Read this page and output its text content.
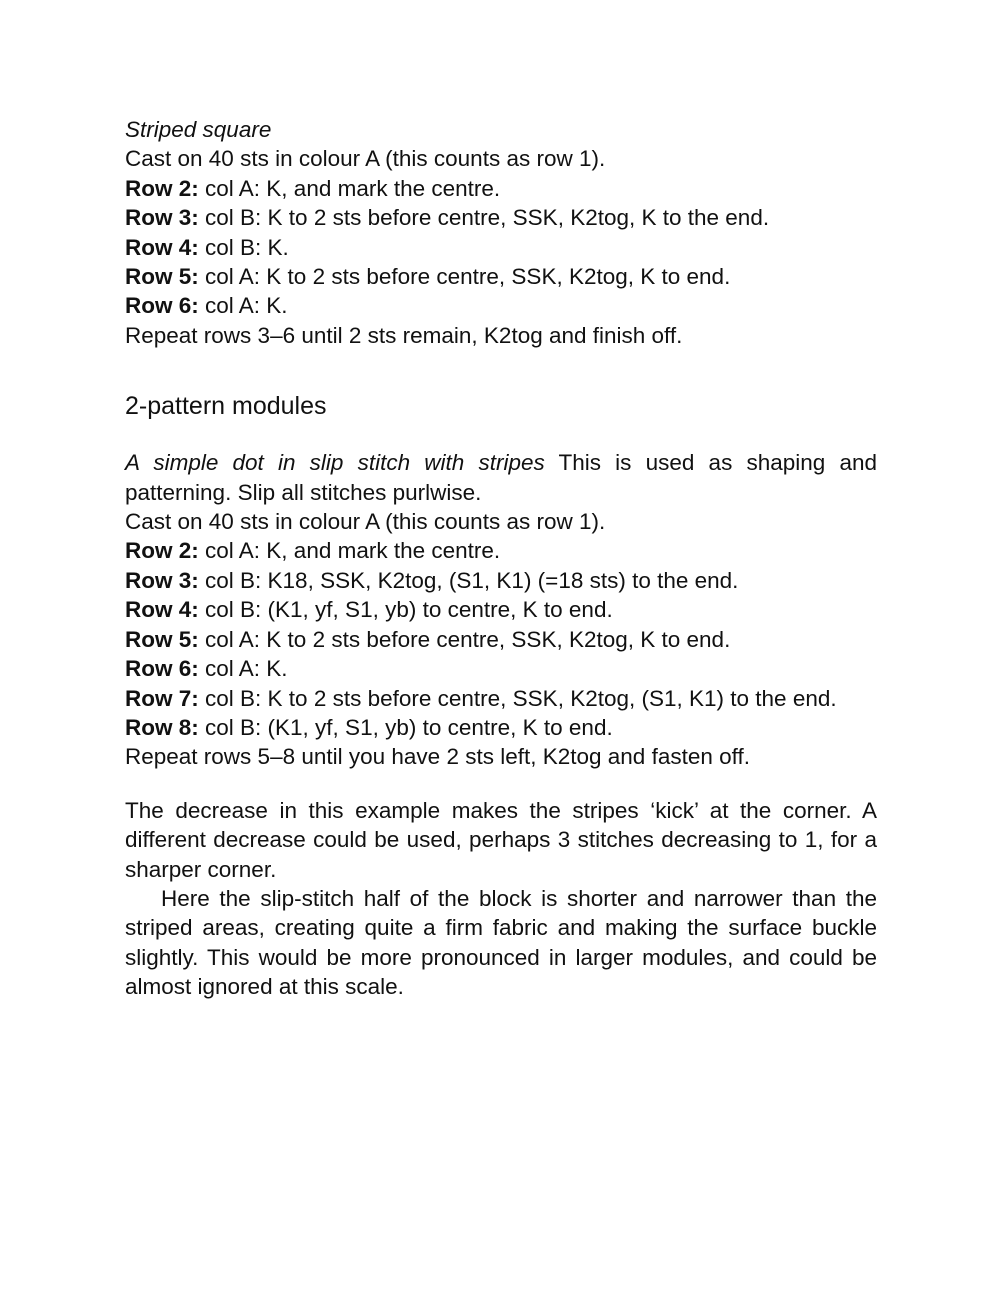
Striped square
Cast on 40 sts in colour A (this counts as row 1).
Row 2: col A: K, and mark the centre.
Row 3: col B: K to 2 sts before centre, SSK, K2tog, K to the end.
Row 4: col B: K.
Row 5: col A: K to 2 sts before centre, SSK, K2tog, K to end.
Row 6: col A: K.
Repeat rows 3–6 until 2 sts remain, K2tog and finish off.
2-pattern modules
A simple dot in slip stitch with stripes This is used as shaping and patterning. Slip all stitches purlwise.
Cast on 40 sts in colour A (this counts as row 1).
Row 2: col A: K, and mark the centre.
Row 3: col B: K18, SSK, K2tog, (S1, K1) (=18 sts) to the end.
Row 4: col B: (K1, yf, S1, yb) to centre, K to end.
Row 5: col A: K to 2 sts before centre, SSK, K2tog, K to end.
Row 6: col A: K.
Row 7: col B: K to 2 sts before centre, SSK, K2tog, (S1, K1) to the end.
Row 8: col B: (K1, yf, S1, yb) to centre, K to end.
Repeat rows 5–8 until you have 2 sts left, K2tog and fasten off.
The decrease in this example makes the stripes ‘kick’ at the corner. A different decrease could be used, perhaps 3 stitches decreasing to 1, for a sharper corner.
Here the slip-stitch half of the block is shorter and narrower than the striped areas, creating quite a firm fabric and making the surface buckle slightly. This would be more pronounced in larger modules, and could be almost ignored at this scale.
